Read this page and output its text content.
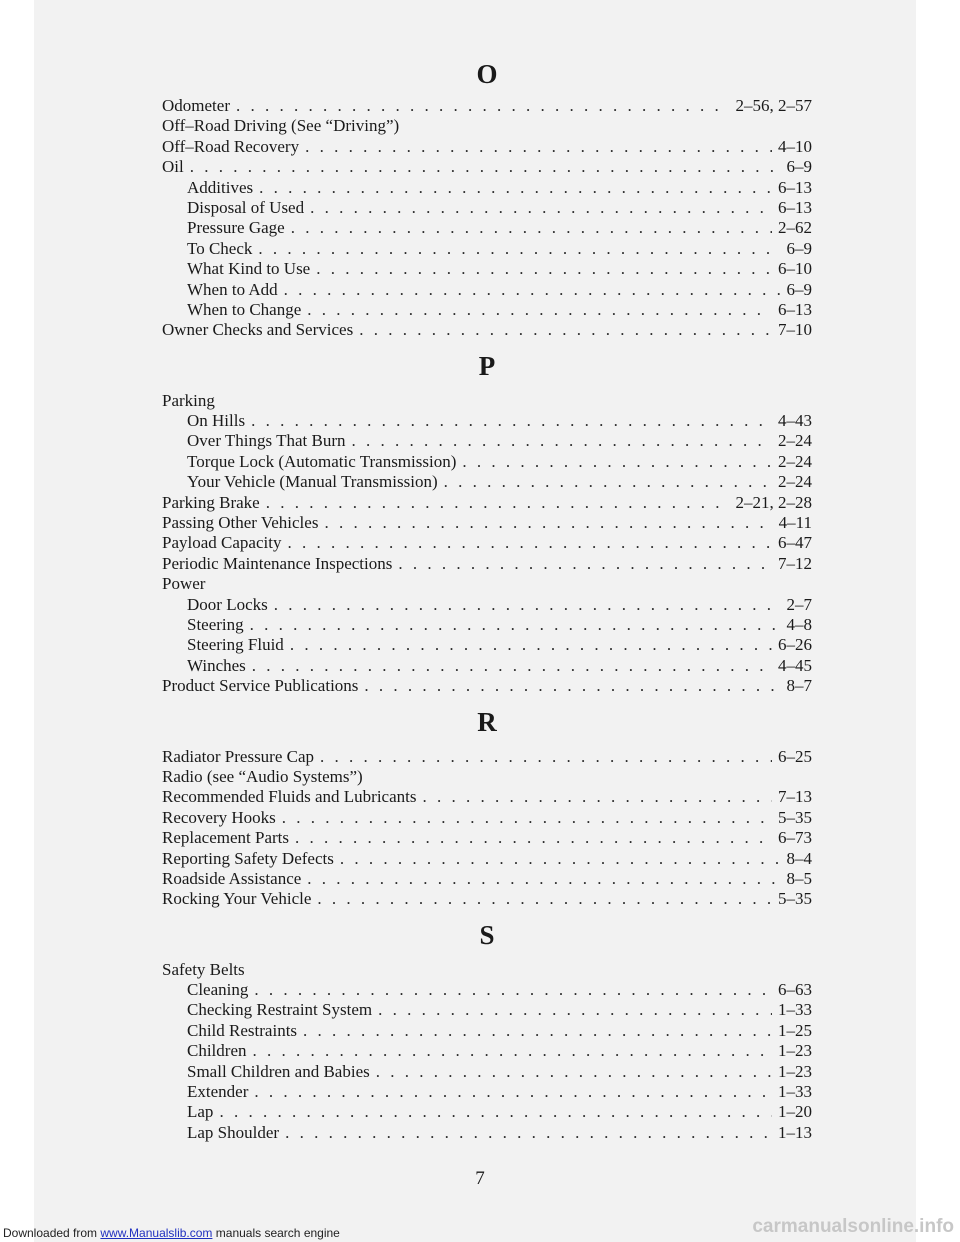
O
Odometer . . .	2–56, 2–57
Off–Road Driving (See “Driving”)
Off–Road Recovery . . .	4–10
Oil . . .	6–9
Additives . . .	6–13
Disposal of Used . . .	6–13
Pressure Gage . . .	2–62
To Check . . .	6–9
What Kind to Use . . .	6–10
When to Add . . .	6–9
When to Change . . .	6–13
Owner Checks and Services . . .	7–10
P
Parking
On Hills . . .	4–43
Over Things That Burn . . .	2–24
Torque Lock (Automatic Transmission) . . .	2–24
Your Vehicle (Manual Transmission) . . .	2–24
Parking Brake . . .	2–21, 2–28
Passing Other Vehicles . . .	4–11
Payload Capacity . . .	6–47
Periodic Maintenance Inspections . . .	7–12
Power
Door Locks . . .	2–7
Steering . . .	4–8
Steering Fluid . . .	6–26
Winches . . .	4–45
Product Service Publications . . .	8–7
R
Radiator Pressure Cap . . .	6–25
Radio (see “Audio Systems”)
Recommended Fluids and Lubricants . . .	7–13
Recovery Hooks . . .	5–35
Replacement Parts . . .	6–73
Reporting Safety Defects . . .	8–4
Roadside Assistance . . .	8–5
Rocking Your Vehicle . . .	5–35
S
Safety Belts
Cleaning . . .	6–63
Checking Restraint System . . .	1–33
Child Restraints . . .	1–25
Children . . .	1–23
Small Children and Babies . . .	1–23
Extender . . .	1–33
Lap . . .	1–20
Lap Shoulder . . .	1–13
7
Downloaded from www.Manualslib.com manuals search engine	carmanualsonline.info
